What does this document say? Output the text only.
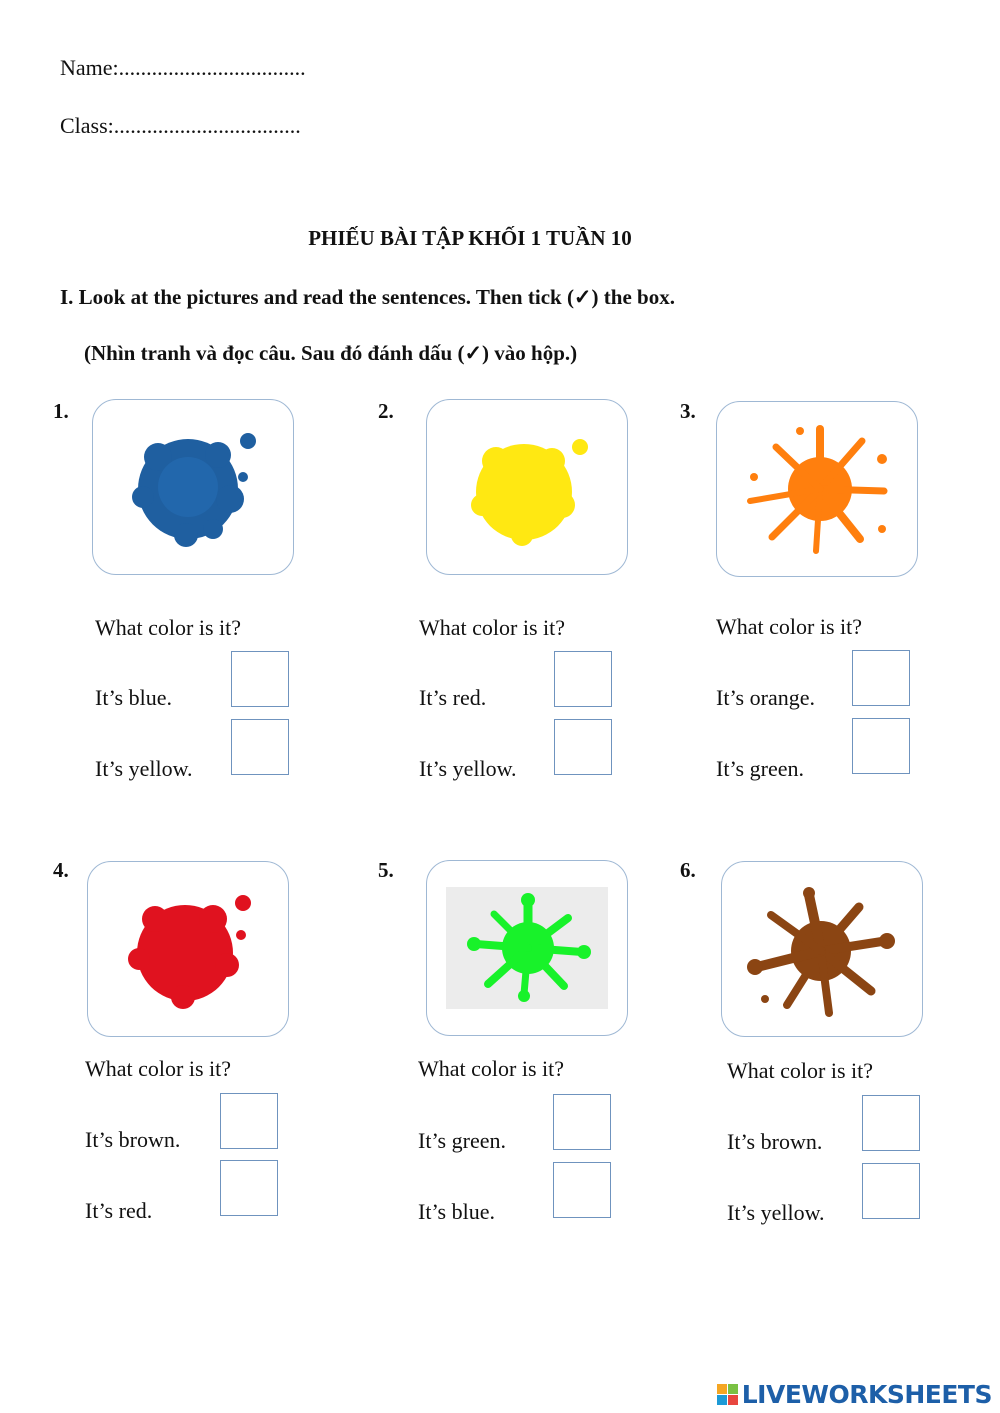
Name:..................................
Class:..................................
PHIẾU BÀI TẬP KHỐI 1 TUẦN 10
I. Look at the pictures and read the sentences. Then tick (✓) the box.
(Nhìn tranh và đọc câu. Sau đó đánh dấu (✓) vào hộp.)
1.
What color is it?
It’s blue.
It’s yellow.
2.
What color is it?
It’s red.
It’s yellow.
3.
What color is it?
It’s orange.
It’s green.
4.
What color is it?
It’s brown.
It’s red.
5.
What color is it?
It’s green.
It’s blue.
6.
What color is it?
It’s brown.
It’s yellow.
LIVEWORKSHEETS
